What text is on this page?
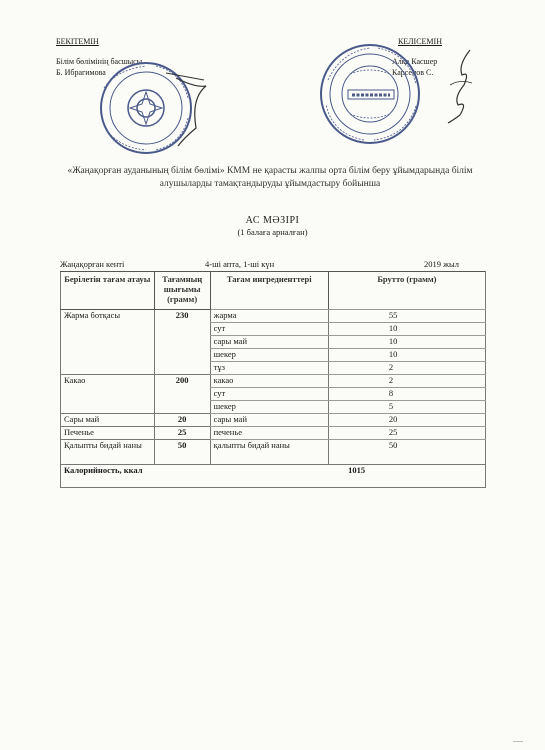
БЕКІТЕМІН
Білім бөлімінің басшысы
Б. Ибрагимова
КЕЛІСЕМІН
Алқа Касшер
Карсенов С.
«Жаңақорған ауданының білім бөлімі» КММ не қарасты жалпы орта білім беру ұйымдарында білім алушыларды тамақтандыруды ұйымдастыру бойынша
АС МӘЗІРІ
(1 балаға арналған)
Жаңақорған кенті	4-ші апта, 1-ші күн	2019 жыл
Берілетін тағам атауы	Тағамның шығымы (грамм)	Тағам ингредиенттері	Брутто (грамм)
Жарма ботқасы	230	жарма	55
		сут	10
		сары май	10
		шекер	10
		тұз	2
Какао	200	какао	2
		сут	8
		шекер	5
Сары май	20	сары май	20
Печенье	25	печенье	25
Қалыпты бидай наны	50	қалыпты бидай наны	50
Калорийность, ккал	1015		
